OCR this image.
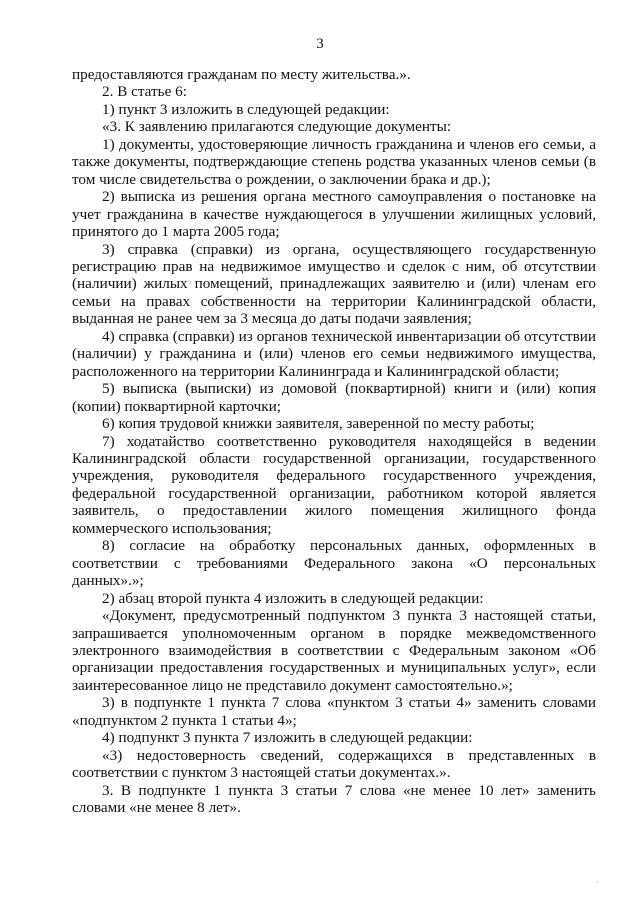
3

предоставляются гражданам по месту жительства.».

2. В статье 6:

1) пункт 3 изложить в следующей редакции:

«3. К заявлению прилагаются следующие документы:

1) документы, удостоверяющие личность гражданина и членов его семьи, а также документы, подтверждающие степень родства указанных членов семьи (в том числе свидетельства о рождении, о заключении брака и др.);

2) выписка из решения органа местного самоуправления о постановке на учет гражданина в качестве нуждающегося в улучшении жилищных условий, принятого до 1 марта 2005 года;

3) справка (справки) из органа, осуществляющего государственную регистрацию прав на недвижимое имущество и сделок с ним, об отсутствии (наличии) жилых помещений, принадлежащих заявителю и (или) членам его семьи на правах собственности на территории Калининградской области, выданная не ранее чем за 3 месяца до даты подачи заявления;

4) справка (справки) из органов технической инвентаризации об отсутствии (наличии) у гражданина и (или) членов его семьи недвижимого имущества, расположенного на территории Калининграда и Калининградской области;

5) выписка (выписки) из домовой (поквартирной) книги и (или) копия (копии) поквартирной карточки;

6) копия трудовой книжки заявителя, заверенной по месту работы;

7) ходатайство соответственно руководителя находящейся в ведении Калининградской области государственной организации, государственного учреждения, руководителя федерального государственного учреждения, федеральной государственной организации, работником которой является заявитель, о предоставлении жилого помещения жилищного фонда коммерческого использования;

8) согласие на обработку персональных данных, оформленных в соответствии с требованиями Федерального закона «О персональных данных».»;

2) абзац второй пункта 4 изложить в следующей редакции:

«Документ, предусмотренный подпунктом 3 пункта 3 настоящей статьи, запрашивается уполномоченным органом в порядке межведомственного электронного взаимодействия в соответствии с Федеральным законом «Об организации предоставления государственных и муниципальных услуг», если заинтересованное лицо не представило документ самостоятельно.»;

3) в подпункте 1 пункта 7 слова «пунктом 3 статьи 4» заменить словами «подпунктом 2 пункта 1 статьи 4»;

4) подпункт 3 пункта 7 изложить в следующей редакции:

«3) недостоверность сведений, содержащихся в представленных в соответствии с пунктом 3 настоящей статьи документах.».

3. В подпункте 1 пункта 3 статьи 7 слова «не менее 10 лет» заменить словами «не менее 8 лет».

·
